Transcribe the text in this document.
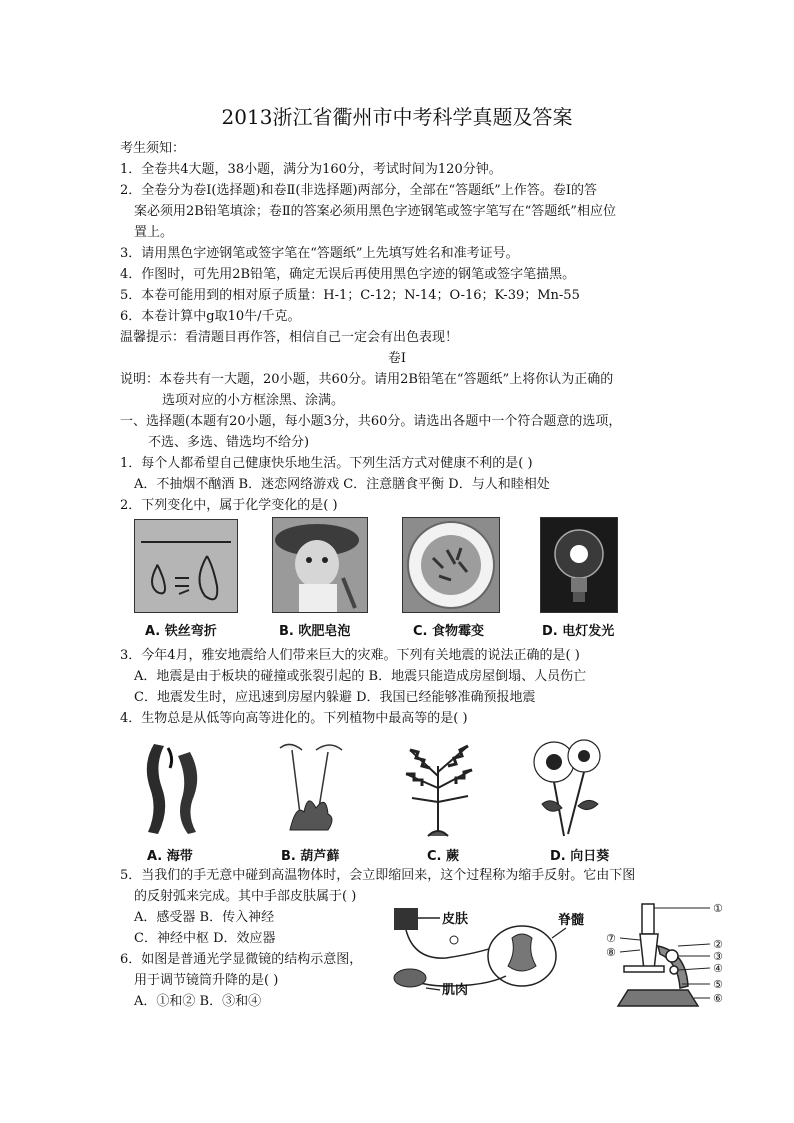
2013浙江省衢州市中考科学真题及答案
考生须知：
1．全卷共4大题，38小题，满分为160分，考试时间为120分钟。
2．全卷分为卷Ⅰ(选择题)和卷Ⅱ(非选择题)两部分，全部在“答题纸”上作答。卷Ⅰ的答
案必须用2B铅笔填涂；卷Ⅱ的答案必须用黑色字迹钢笔或签字笔写在“答题纸”相应位
置上。
3．请用黑色字迹钢笔或签字笔在“答题纸”上先填写姓名和准考证号。
4．作图时，可先用2B铅笔，确定无误后再使用黑色字迹的钢笔或签字笔描黑。
5．本卷可能用到的相对原子质量：H-1；C-12；N-14；O-16；K-39；Mn-55
6．本卷计算中g取10牛/千克。
温馨提示：看清题目再作答，相信自己一定会有出色表现！
卷Ⅰ
说明：本卷共有一大题，20小题，共60分。请用2B铅笔在“答题纸”上将你认为正确的
选项对应的小方框涂黑、涂满。
一、选择题(本题有20小题，每小题3分，共60分。请选出各题中一个符合题意的选项，
不选、多选、错选均不给分)
1．每个人都希望自己健康快乐地生活。下列生活方式对健康不利的是( )
A．不抽烟不酗酒 B．迷恋网络游戏 C．注意膳食平衡 D．与人和睦相处
2．下列变化中，属于化学变化的是( )
A. 铁丝弯折	B. 吹肥皂泡	C. 食物霉变	D. 电灯发光
3．今年4月，雅安地震给人们带来巨大的灾难。下列有关地震的说法正确的是( )
A．地震是由于板块的碰撞或张裂引起的 B．地震只能造成房屋倒塌、人员伤亡
C．地震发生时，应迅速到房屋内躲避 D．我国已经能够准确预报地震
4．生物总是从低等向高等进化的。下列植物中最高等的是( )
A. 海带	B. 葫芦藓	C. 蕨	D. 向日葵
5．当我们的手无意中碰到高温物体时，会立即缩回来，这个过程称为缩手反射。它由下图
的反射弧来完成。其中手部皮肤属于( )
A．感受器 B．传入神经
C．神经中枢 D．效应器
6．如图是普通光学显微镜的结构示意图，
用于调节镜筒升降的是( )
A．①和② B．③和④
皮肤	脊髓
肌肉
①
②
③
④
⑤
⑥
⑦
⑧
